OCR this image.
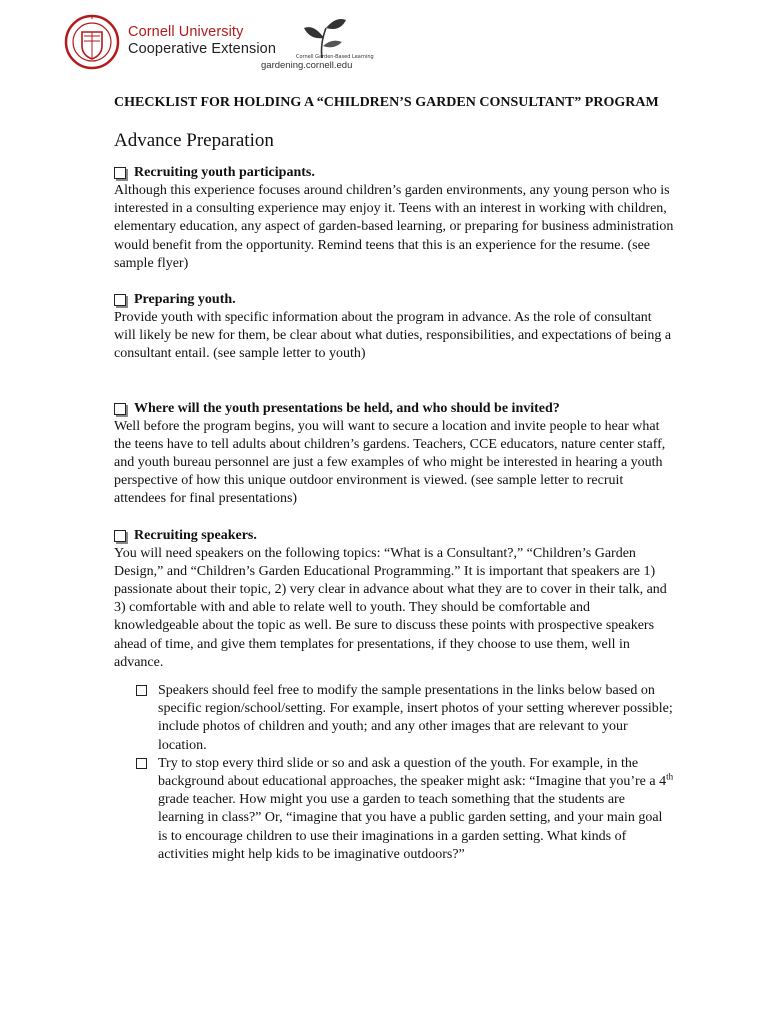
Cornell University
Cooperative Extension	Cornell Garden-Based Learning
gardening.cornell.edu

CHECKLIST FOR HOLDING A “CHILDREN’S GARDEN CONSULTANT” PROGRAM

Advance Preparation
Recruiting youth participants.

Although this experience focuses around children’s garden environments, any young person who is interested in a consulting experience may enjoy it. Teens with an interest in working with children, elementary education, any aspect of garden-based learning, or preparing for business administration would benefit from the opportunity. Remind teens that this is an experience for the resume. (see sample flyer)

Preparing youth.

Provide youth with specific information about the program in advance. As the role of consultant will likely be new for them, be clear about what duties, responsibilities, and expectations of being a consultant entail. (see sample letter to youth)

Where will the youth presentations be held, and who should be invited?

Well before the program begins, you will want to secure a location and invite people to hear what the teens have to tell adults about children’s gardens. Teachers, CCE educators, nature center staff, and youth bureau personnel are just a few examples of who might be interested in hearing a youth perspective of how this unique outdoor environment is viewed. (see sample letter to recruit attendees for final presentations)

Recruiting speakers.

You will need speakers on the following topics: “What is a Consultant?,” “Children’s Garden Design,” and “Children’s Garden Educational Programming.” It is important that speakers are 1) passionate about their topic, 2) very clear in advance about what they are to cover in their talk, and 3) comfortable with and able to relate well to youth. They should be comfortable and knowledgeable about the topic as well. Be sure to discuss these points with prospective speakers ahead of time, and give them templates for presentations, if they choose to use them, well in advance.

Speakers should feel free to modify the sample presentations in the links below based on specific region/school/setting. For example, insert photos of your setting wherever possible; include photos of children and youth; and any other images that are relevant to your location.
Try to stop every third slide or so and ask a question of the youth. For example, in the background about educational approaches, the speaker might ask: “Imagine that you’re a 4th grade teacher. How might you use a garden to teach something that the students are learning in class?” Or, “imagine that you have a public garden setting, and your main goal is to encourage children to use their imaginations in a garden setting. What kinds of activities might help kids to be imaginative outdoors?”
